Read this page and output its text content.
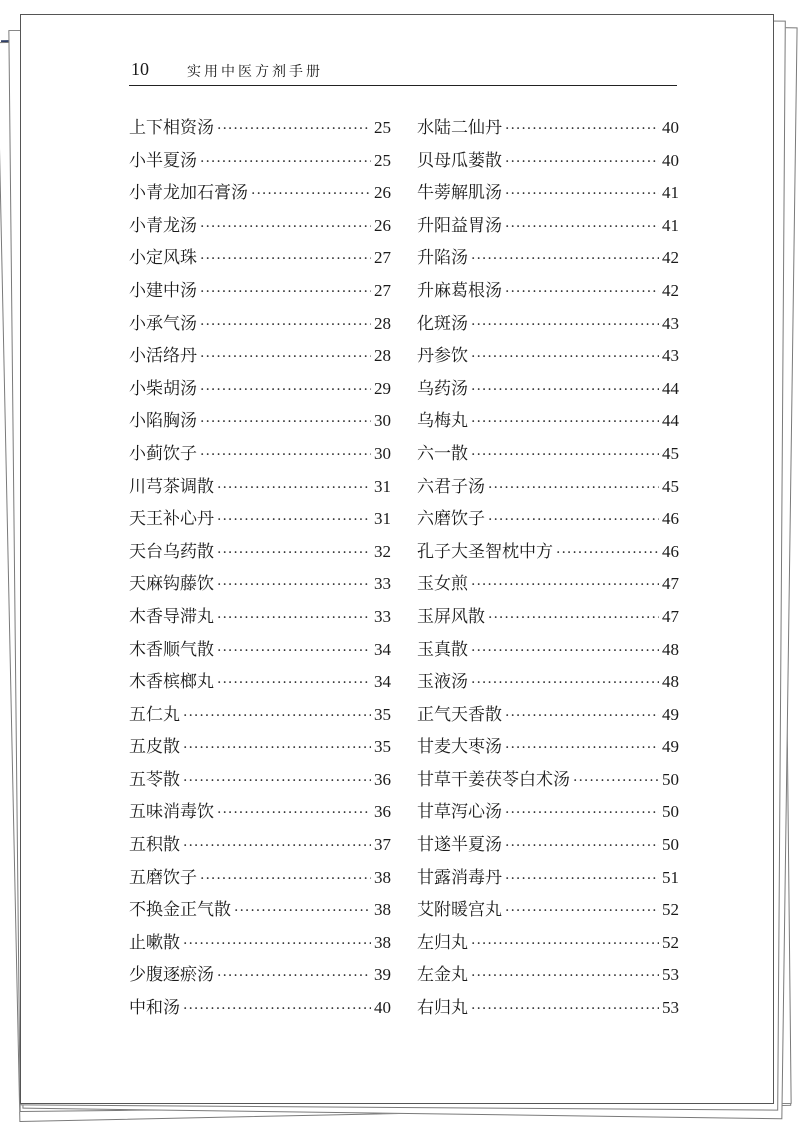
10	实用中医方剂手册
上下相资汤 ·····	25
小半夏汤 ·····	25
小青龙加石膏汤 ·····	26
小青龙汤 ·····	26
小定风珠 ·····	27
小建中汤 ·····	27
小承气汤 ·····	28
小活络丹 ·····	28
小柴胡汤 ·····	29
小陷胸汤 ·····	30
小蓟饮子 ·····	30
川芎茶调散 ·····	31
天王补心丹 ·····	31
天台乌药散 ·····	32
天麻钩藤饮 ·····	33
木香导滞丸 ·····	33
木香顺气散 ·····	34
木香槟榔丸 ·····	34
五仁丸 ·····	35
五皮散 ·····	35
五苓散 ·····	36
五味消毒饮 ·····	36
五积散 ·····	37
五磨饮子 ·····	38
不换金正气散 ·····	38
止嗽散 ·····	38
少腹逐瘀汤 ·····	39
中和汤 ·····	40
水陆二仙丹 ·····	40
贝母瓜蒌散 ·····	40
牛蒡解肌汤 ·····	41
升阳益胃汤 ·····	41
升陷汤 ·····	42
升麻葛根汤 ·····	42
化斑汤 ·····	43
丹参饮 ·····	43
乌药汤 ·····	44
乌梅丸 ·····	44
六一散 ·····	45
六君子汤 ·····	45
六磨饮子 ·····	46
孔子大圣智枕中方 ·····	46
玉女煎 ·····	47
玉屏风散 ·····	47
玉真散 ·····	48
玉液汤 ·····	48
正气天香散 ·····	49
甘麦大枣汤 ·····	49
甘草干姜茯苓白术汤 ·····	50
甘草泻心汤 ·····	50
甘遂半夏汤 ·····	50
甘露消毒丹 ·····	51
艾附暖宫丸 ·····	52
左归丸 ·····	52
左金丸 ·····	53
右归丸 ·····	53
